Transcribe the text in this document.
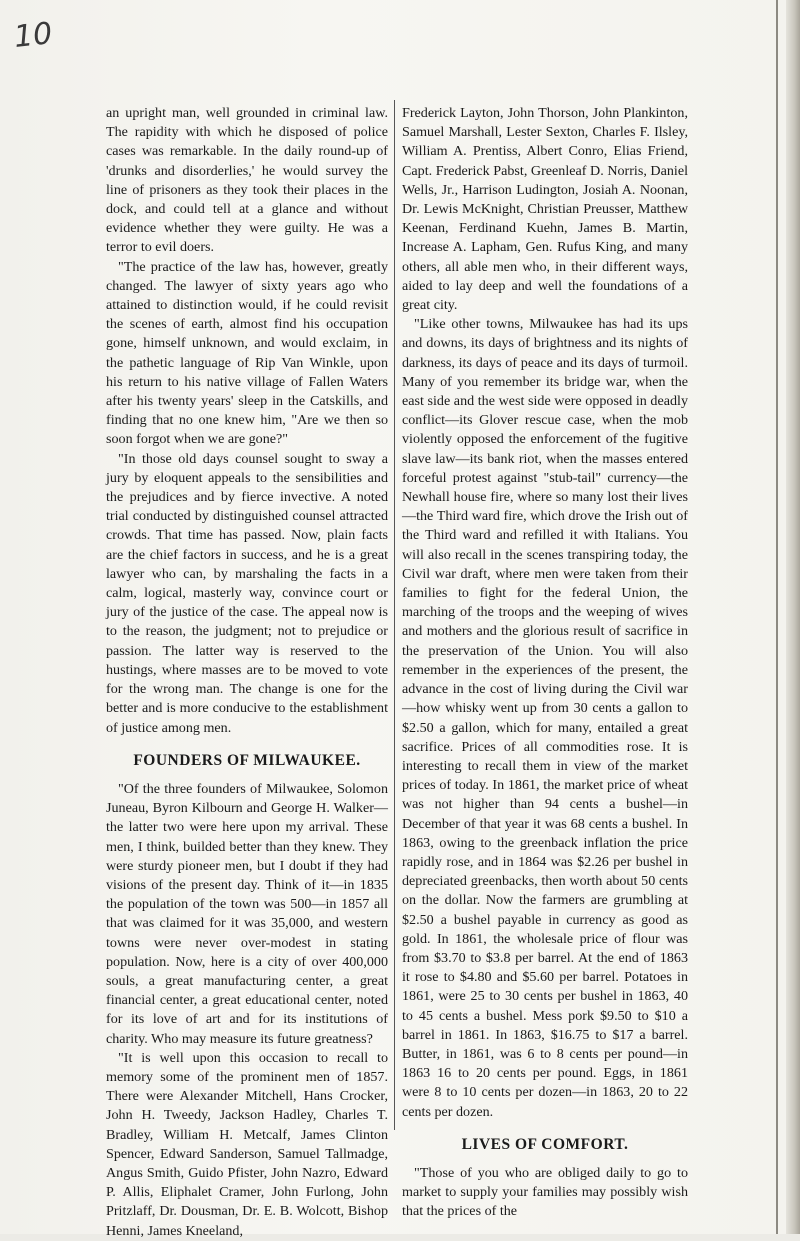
10

an upright man, well grounded in criminal law. The rapidity with which he disposed of police cases was remarkable. In the daily round-up of 'drunks and disorderlies,' he would survey the line of prisoners as they took their places in the dock, and could tell at a glance and without evidence whether they were guilty. He was a terror to evil doers.

"The practice of the law has, however, greatly changed. The lawyer of sixty years ago who attained to distinction would, if he could revisit the scenes of earth, almost find his occupation gone, himself unknown, and would exclaim, in the pathetic language of Rip Van Winkle, upon his return to his native village of Fallen Waters after his twenty years' sleep in the Catskills, and finding that no one knew him, "Are we then so soon forgot when we are gone?"

"In those old days counsel sought to sway a jury by eloquent appeals to the sensibilities and the prejudices and by fierce invective. A noted trial conducted by distinguished counsel attracted crowds. That time has passed. Now, plain facts are the chief factors in success, and he is a great lawyer who can, by marshaling the facts in a calm, logical, masterly way, convince court or jury of the justice of the case. The appeal now is to the reason, the judgment; not to prejudice or passion. The latter way is reserved to the hustings, where masses are to be moved to vote for the wrong man. The change is one for the better and is more conducive to the establishment of justice among men.

FOUNDERS OF MILWAUKEE.

"Of the three founders of Milwaukee, Solomon Juneau, Byron Kilbourn and George H. Walker—the latter two were here upon my arrival. These men, I think, builded better than they knew. They were sturdy pioneer men, but I doubt if they had visions of the present day. Think of it—in 1835 the population of the town was 500—in 1857 all that was claimed for it was 35,000, and western towns were never over-modest in stating population. Now, here is a city of over 400,000 souls, a great manufacturing center, a great financial center, a great educational center, noted for its love of art and for its institutions of charity. Who may measure its future greatness?

"It is well upon this occasion to recall to memory some of the prominent men of 1857. There were Alexander Mitchell, Hans Crocker, John H. Tweedy, Jackson Hadley, Charles T. Bradley, William H. Metcalf, James Clinton Spencer, Edward Sanderson, Samuel Tallmadge, Angus Smith, Guido Pfister, John Nazro, Edward P. Allis, Eliphalet Cramer, John Furlong, John Pritzlaff, Dr. Dousman, Dr. E. B. Wolcott, Bishop Henni, James Kneeland,

Frederick Layton, John Thorson, John Plankinton, Samuel Marshall, Lester Sexton, Charles F. Ilsley, William A. Prentiss, Albert Conro, Elias Friend, Capt. Frederick Pabst, Greenleaf D. Norris, Daniel Wells, Jr., Harrison Ludington, Josiah A. Noonan, Dr. Lewis McKnight, Christian Preusser, Matthew Keenan, Ferdinand Kuehn, James B. Martin, Increase A. Lapham, Gen. Rufus King, and many others, all able men who, in their different ways, aided to lay deep and well the foundations of a great city.

"Like other towns, Milwaukee has had its ups and downs, its days of brightness and its nights of darkness, its days of peace and its days of turmoil. Many of you remember its bridge war, when the east side and the west side were opposed in deadly conflict—its Glover rescue case, when the mob violently opposed the enforcement of the fugitive slave law—its bank riot, when the masses entered forceful protest against "stub-tail" currency—the Newhall house fire, where so many lost their lives—the Third ward fire, which drove the Irish out of the Third ward and refilled it with Italians. You will also recall in the scenes transpiring today, the Civil war draft, where men were taken from their families to fight for the federal Union, the marching of the troops and the weeping of wives and mothers and the glorious result of sacrifice in the preservation of the Union. You will also remember in the experiences of the present, the advance in the cost of living during the Civil war—how whisky went up from 30 cents a gallon to $2.50 a gallon, which for many, entailed a great sacrifice. Prices of all commodities rose. It is interesting to recall them in view of the market prices of today. In 1861, the market price of wheat was not higher than 94 cents a bushel—in December of that year it was 68 cents a bushel. In 1863, owing to the greenback inflation the price rapidly rose, and in 1864 was $2.26 per bushel in depreciated greenbacks, then worth about 50 cents on the dollar. Now the farmers are grumbling at $2.50 a bushel payable in currency as good as gold. In 1861, the wholesale price of flour was from $3.70 to $3.8 per barrel. At the end of 1863 it rose to $4.80 and $5.60 per barrel. Potatoes in 1861, were 25 to 30 cents per bushel in 1863, 40 to 45 cents a bushel. Mess pork $9.50 to $10 a barrel in 1861. In 1863, $16.75 to $17 a barrel. Butter, in 1861, was 6 to 8 cents per pound—in 1863 16 to 20 cents per pound. Eggs, in 1861 were 8 to 10 cents per dozen—in 1863, 20 to 22 cents per dozen.

LIVES OF COMFORT.

"Those of you who are obliged daily to go to market to supply your families may possibly wish that the prices of the
